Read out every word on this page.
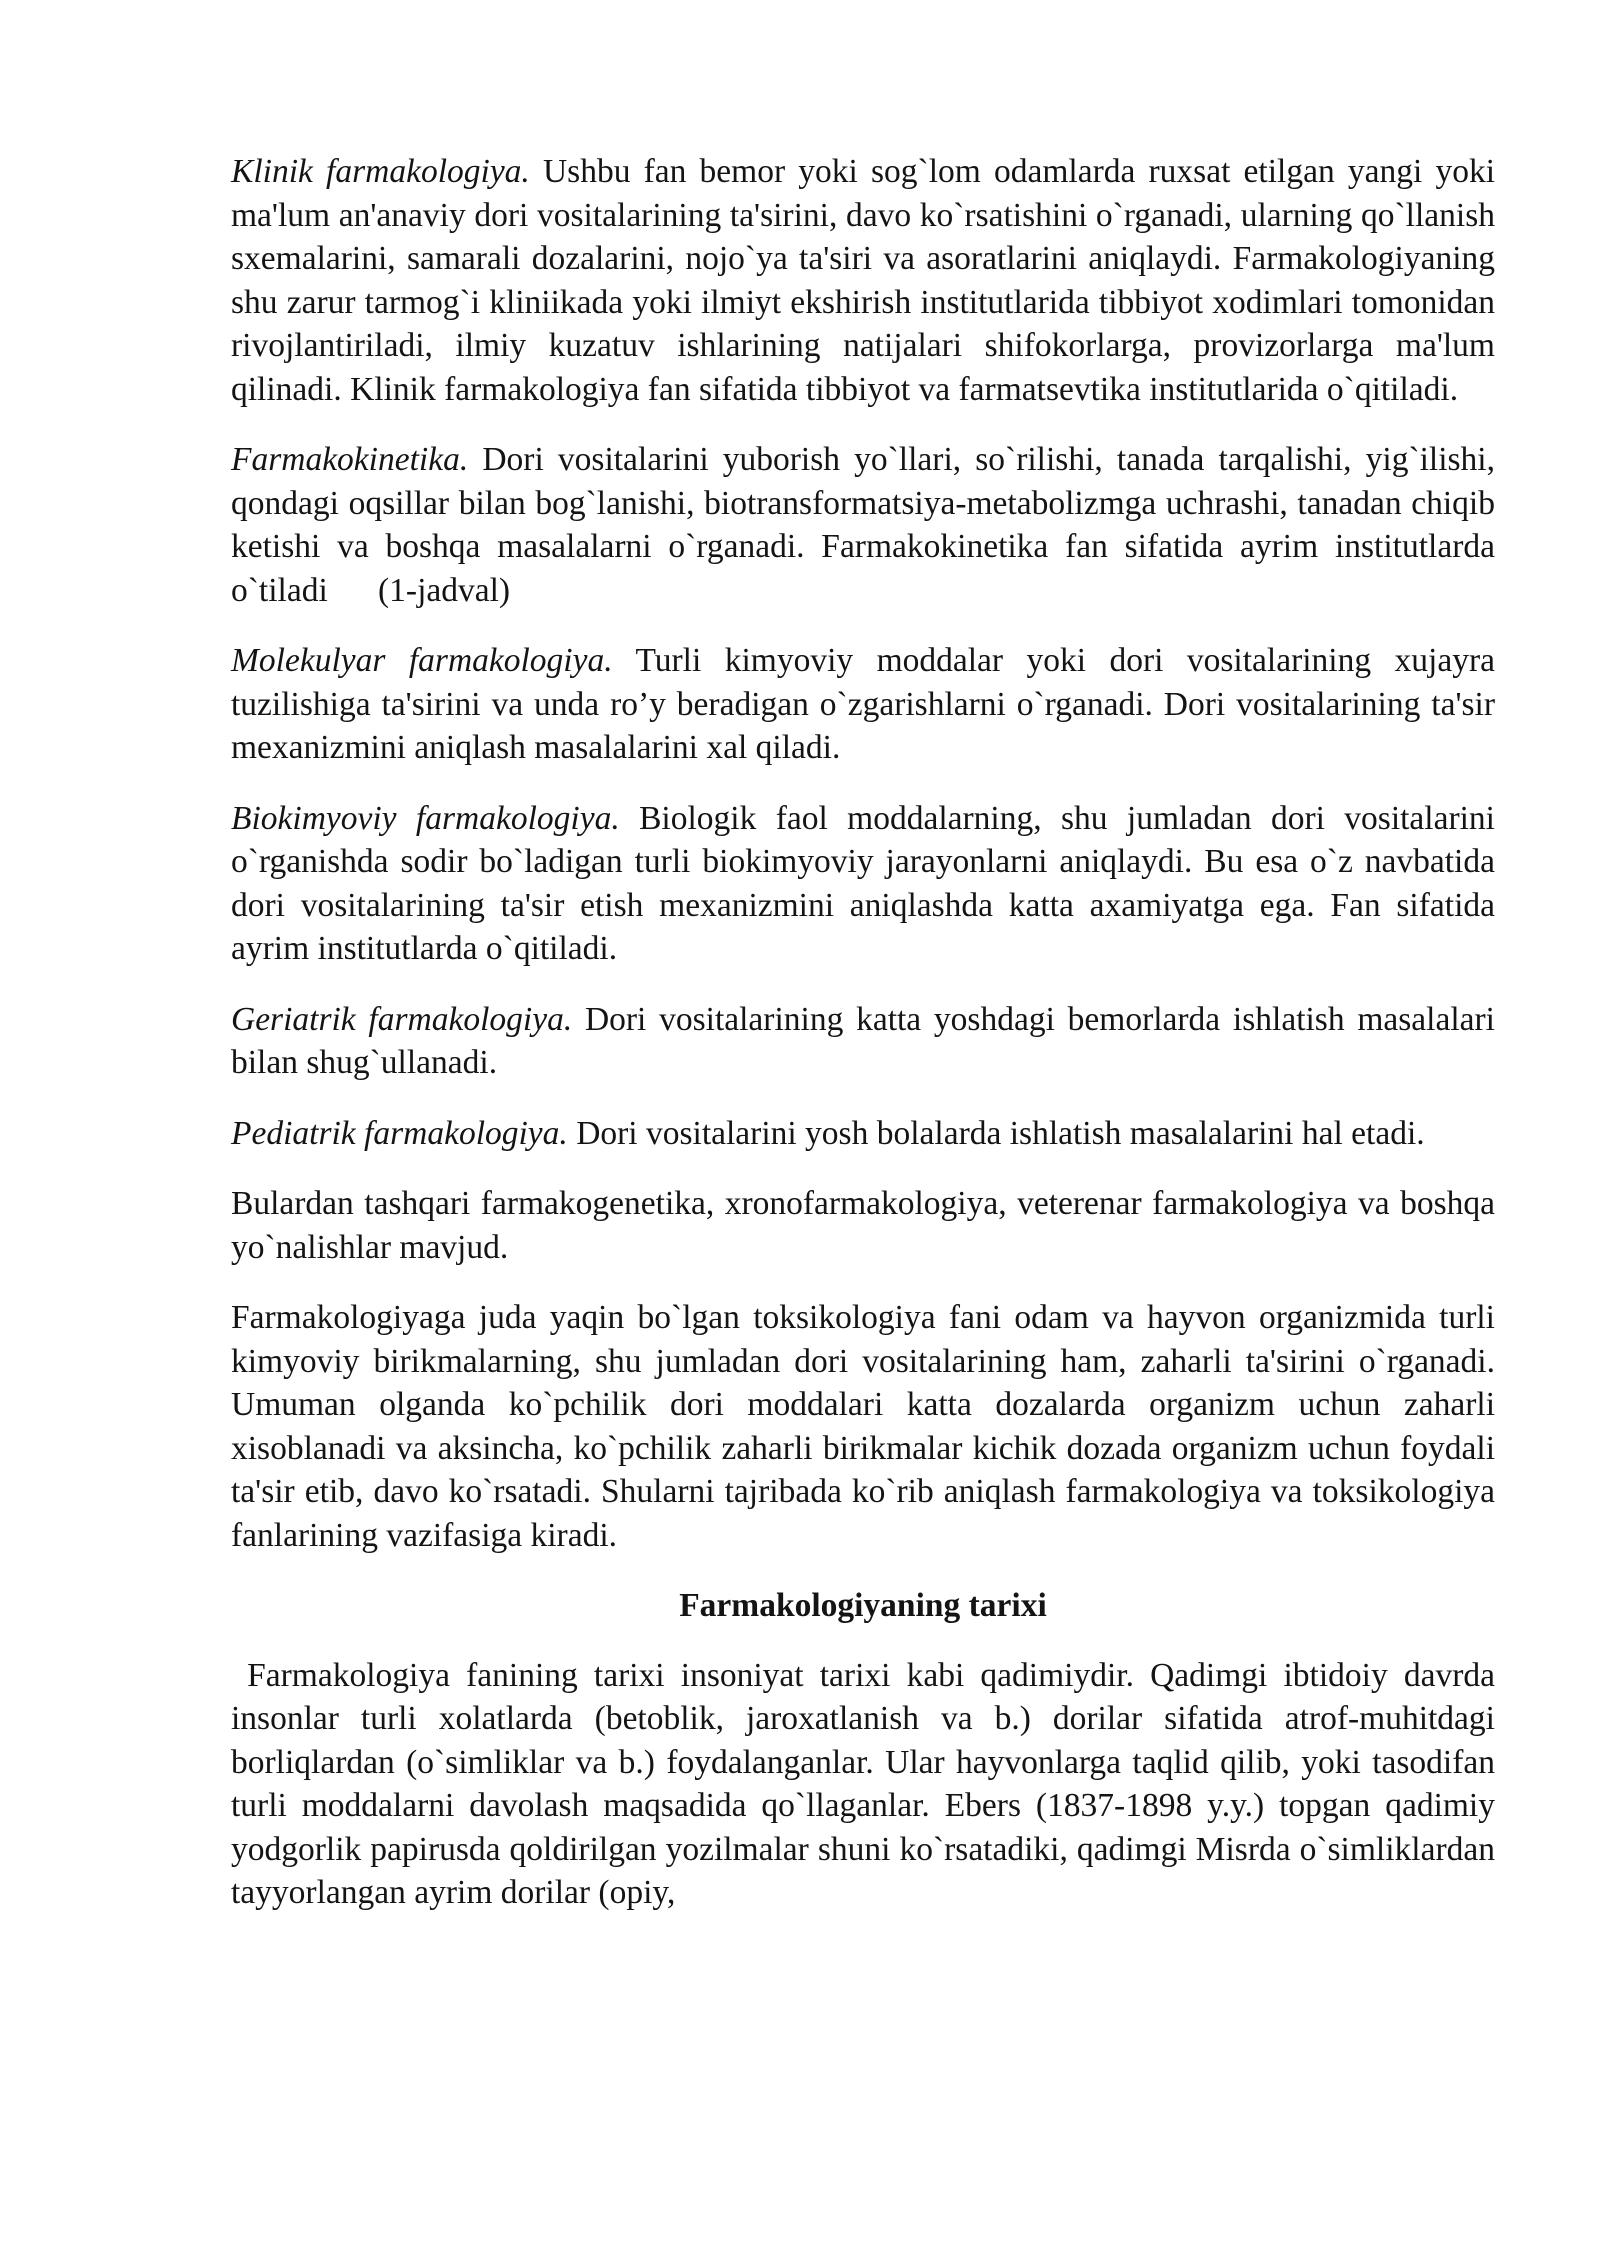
Klinik farmakologiya. Ushbu fan bemor yoki sog`lom odamlarda ruxsat etilgan yangi yoki ma'lum an'anaviy dori vositalarining ta'sirini, davo ko`rsatishini o`rganadi, ularning qo`llanish sxemalarini, samarali dozalarini, nojo`ya ta'siri va asoratlarini aniqlaydi. Farmakologiyaning shu zarur tarmog`i kliniikada yoki ilmiyt ekshirish institutlarida tibbiyot xodimlari tomonidan rivojlantiriladi, ilmiy kuzatuv ishlarining natijalari shifokorlarga, provizorlarga ma'lum qilinadi. Klinik farmakologiya fan sifatida tibbiyot va farmatsevtika institutlarida o`qitiladi.

Farmakokinetika. Dori vositalarini yuborish yo`llari, so`rilishi, tanada tarqalishi, yig`ilishi, qondagi oqsillar bilan bog`lanishi, biotransformatsiya-metabolizmga uchrashi, tanadan chiqib ketishi va boshqa masalalarni o`rganadi. Farmakokinetika fan sifatida ayrim institutlarda o`tiladi      (1-jadval)

Molekulyar farmakologiya. Turli kimyoviy moddalar yoki dori vositalarining xujayra tuzilishiga ta'sirini va unda ro’y beradigan o`zgarishlarni o`rganadi. Dori vositalarining ta'sir mexanizmini aniqlash masalalarini xal qiladi.

Biokimyoviy farmakologiya. Biologik faol moddalarning, shu jumladan dori vositalarini o`rganishda sodir bo`ladigan turli biokimyoviy jarayonlarni aniqlaydi. Bu esa o`z navbatida dori vositalarining ta'sir etish mexanizmini aniqlashda katta axamiyatga ega. Fan sifatida ayrim institutlarda o`qitiladi.

Geriatrik farmakologiya. Dori vositalarining katta yoshdagi bemorlarda ishlatish masalalari bilan shug`ullanadi.

Pediatrik farmakologiya. Dori vositalarini yosh bolalarda ishlatish masalalarini hal etadi.

Bulardan tashqari farmakogenetika, xronofarmakologiya, veterenar farmakologiya va boshqa yo`nalishlar mavjud.

Farmakologiyaga juda yaqin bo`lgan toksikologiya fani odam va hayvon organizmida turli kimyoviy birikmalarning, shu jumladan dori vositalarining ham, zaharli ta'sirini o`rganadi. Umuman olganda ko`pchilik dori moddalari katta dozalarda organizm uchun zaharli xisoblanadi va aksincha, ko`pchilik zaharli birikmalar kichik dozada organizm uchun foydali ta'sir etib, davo ko`rsatadi. Shularni tajribada ko`rib aniqlash farmakologiya va toksikologiya fanlarining vazifasiga kiradi.

Farmakologiyaning tarixi

Farmakologiya fanining tarixi insoniyat tarixi kabi qadimiydir. Qadimgi ibtidoiy davrda insonlar turli xolatlarda (betoblik, jaroxatlanish va b.) dorilar sifatida atrof-muhitdagi borliqlardan (o`simliklar va b.) foydalanganlar. Ular hayvonlarga taqlid qilib, yoki tasodifan turli moddalarni davolash maqsadida qo`llaganlar. Ebers (1837-1898 y.y.) topgan qadimiy yodgorlik papirusda qoldirilgan yozilmalar shuni ko`rsatadiki, qadimgi Misrda o`simliklardan tayyorlangan ayrim dorilar (opiy,
